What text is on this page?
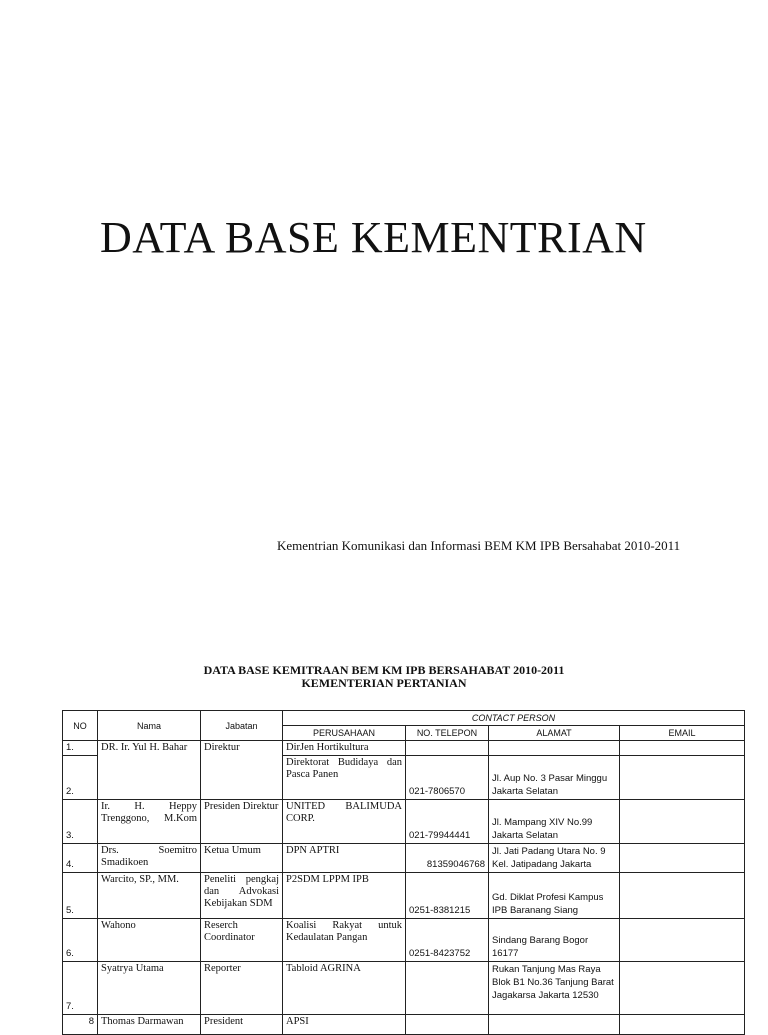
DATA BASE KEMENTRIAN
Kementrian Komunikasi dan Informasi BEM KM IPB Bersahabat 2010-2011
DATA BASE KEMITRAAN BEM KM IPB BERSAHABAT 2010-2011
KEMENTERIAN PERTANIAN
NO	Nama	Jabatan	CONTACT PERSON			
			PERUSAHAAN	NO. TELEPON	ALAMAT	EMAIL
1.	DR. Ir. Yul H. Bahar	Direktur	DirJen Hortikultura			
2.			Direktorat Budidaya dan Pasca Panen	021-7806570	Jl. Aup No. 3 Pasar Minggu Jakarta Selatan	
3.	Ir. H. Heppy Trenggono, M.Kom	Presiden Direktur	UNITED BALIMUDA CORP.	021-79944441	Jl. Mampang XIV No.99 Jakarta Selatan	
4.	Drs. Soemitro Smadikoen	Ketua Umum	DPN APTRI	81359046768	Jl. Jati Padang Utara No. 9 Kel. Jatipadang Jakarta	
5.	Warcito, SP., MM.	Peneliti pengkaj dan Advokasi Kebijakan SDM	P2SDM LPPM IPB	0251-8381215	Gd. Diklat Profesi Kampus IPB Baranang Siang	
6.	Wahono	Reserch Coordinator	Koalisi Rakyat untuk Kedaulatan Pangan	0251-8423752	Sindang Barang Bogor 16177	
7.	Syatrya Utama	Reporter	Tabloid AGRINA		Rukan Tanjung Mas Raya Blok B1 No.36 Tanjung Barat Jagakarsa Jakarta 12530	
8	Thomas Darmawan	President	APSI			
